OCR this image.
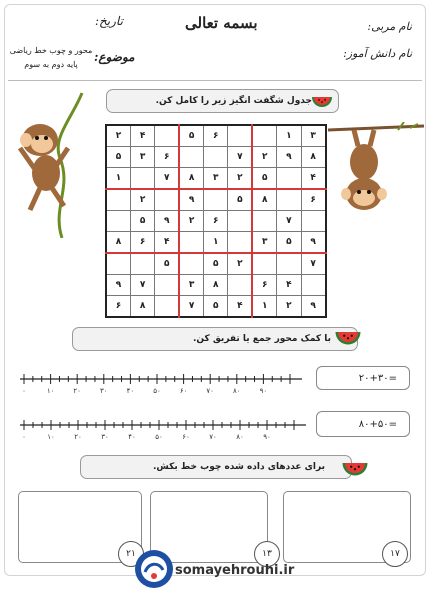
بسمه تعالی	نام مربی:
نام دانش آموز:
تاریخ:
موضوع:
محور و چوب خط ریاضی
پایه دوم به سوم
جدول شگفت انگیز زیر را کامل کن.
۲	۴		۵	۶			۱	۳
۵	۳	۶			۷	۲	۹	۸
۱		۷	۸	۳	۲	۵		۴
	۲		۹		۵	۸		۶
	۵	۹	۲	۶			۷	
۸	۶	۴		۱		۳	۵	۹
		۵		۵	۲			۷
۹	۷		۳	۸		۶	۴	
۶	۸		۷	۵	۴	۱	۲	۹
با کمک محور جمع یا تفریق کن.
۰	۱۰	۲۰	۳۰	۴۰	۵۰	۶۰	۷۰	۸۰	۹۰
۲۰+۳۰=
۰	۱۰	۲۰	۳۰	۴۰	۵۰	۶۰	۷۰	۸۰	۹۰
۸۰+۵۰=
برای عددهای داده شده چوب خط بکش.
۱۷
۱۳
۲۱
somayehrouhi.ir
